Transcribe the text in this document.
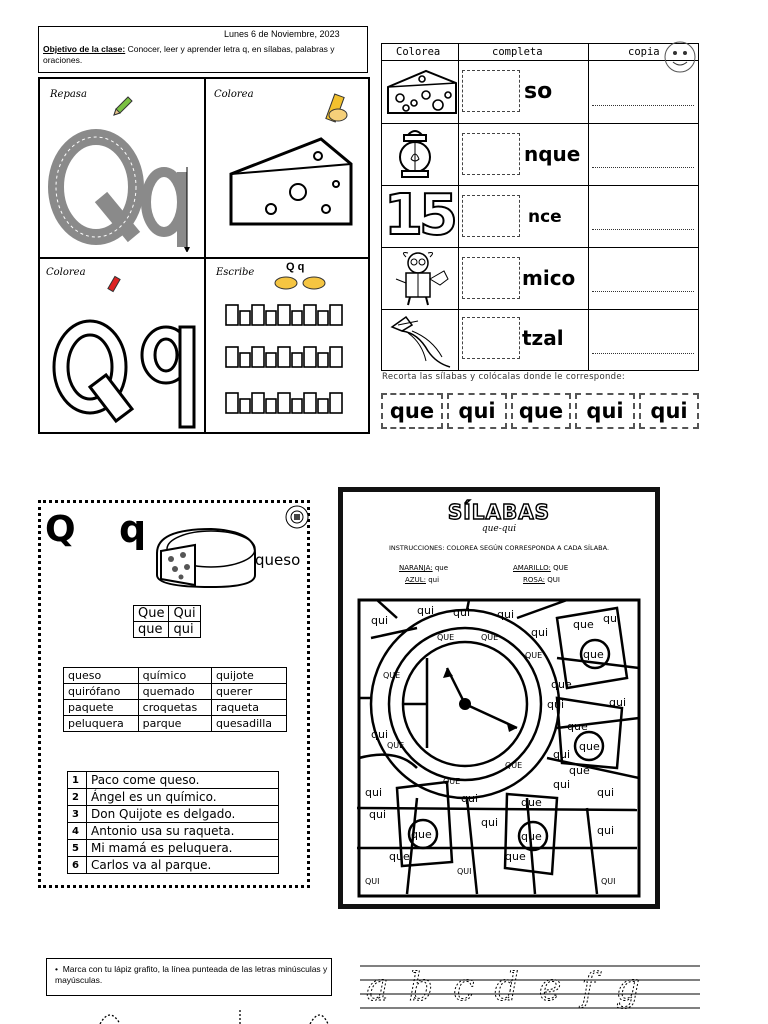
Lunes 6 de Noviembre, 2023
Objetivo de la clase: Conocer, leer y aprender letra q, en sílabas, palabras y oraciones.
Repasa	Colorea
Colorea	Escribe	Q q
Colorea	completa	copia
so
nque
15	nce
mico
tzal
Recorta las sílabas y colócalas donde le corresponde:
que	qui	que	qui	qui
Q q
queso
Que	Qui
que	qui
queso	químico	quijote
quirófano	quemado	querer
paquete	croquetas	raqueta
peluquera	parque	quesadilla
1	Paco come queso.
2	Ángel es un químico.
3	Don Quijote es delgado.
4	Antonio usa su raqueta.
5	Mi mamá es peluquera.
6	Carlos va al parque.
SÍLABAS
que-qui
INSTRUCCIONES: COLOREA SEGÚN CORRESPONDA A CADA SÍLABA.
NARANJA: que	AMARILLO: QUE
AZUL: qui	ROSA: QUI
qui
qui qui qui
qui
que
que
qui
qui
que
qui
que
que
qui
qui
que
qui
qui
que
que
qui
qui
qui
que
que
que
qui
QUI
QUI
QUI
QUE	QUE
QUE
QUE
QUE
QUE
QUE
qui
•  Marca con tu lápiz grafito, la línea punteada de las letras minúsculas y mayúsculas.	a b c d e f g
